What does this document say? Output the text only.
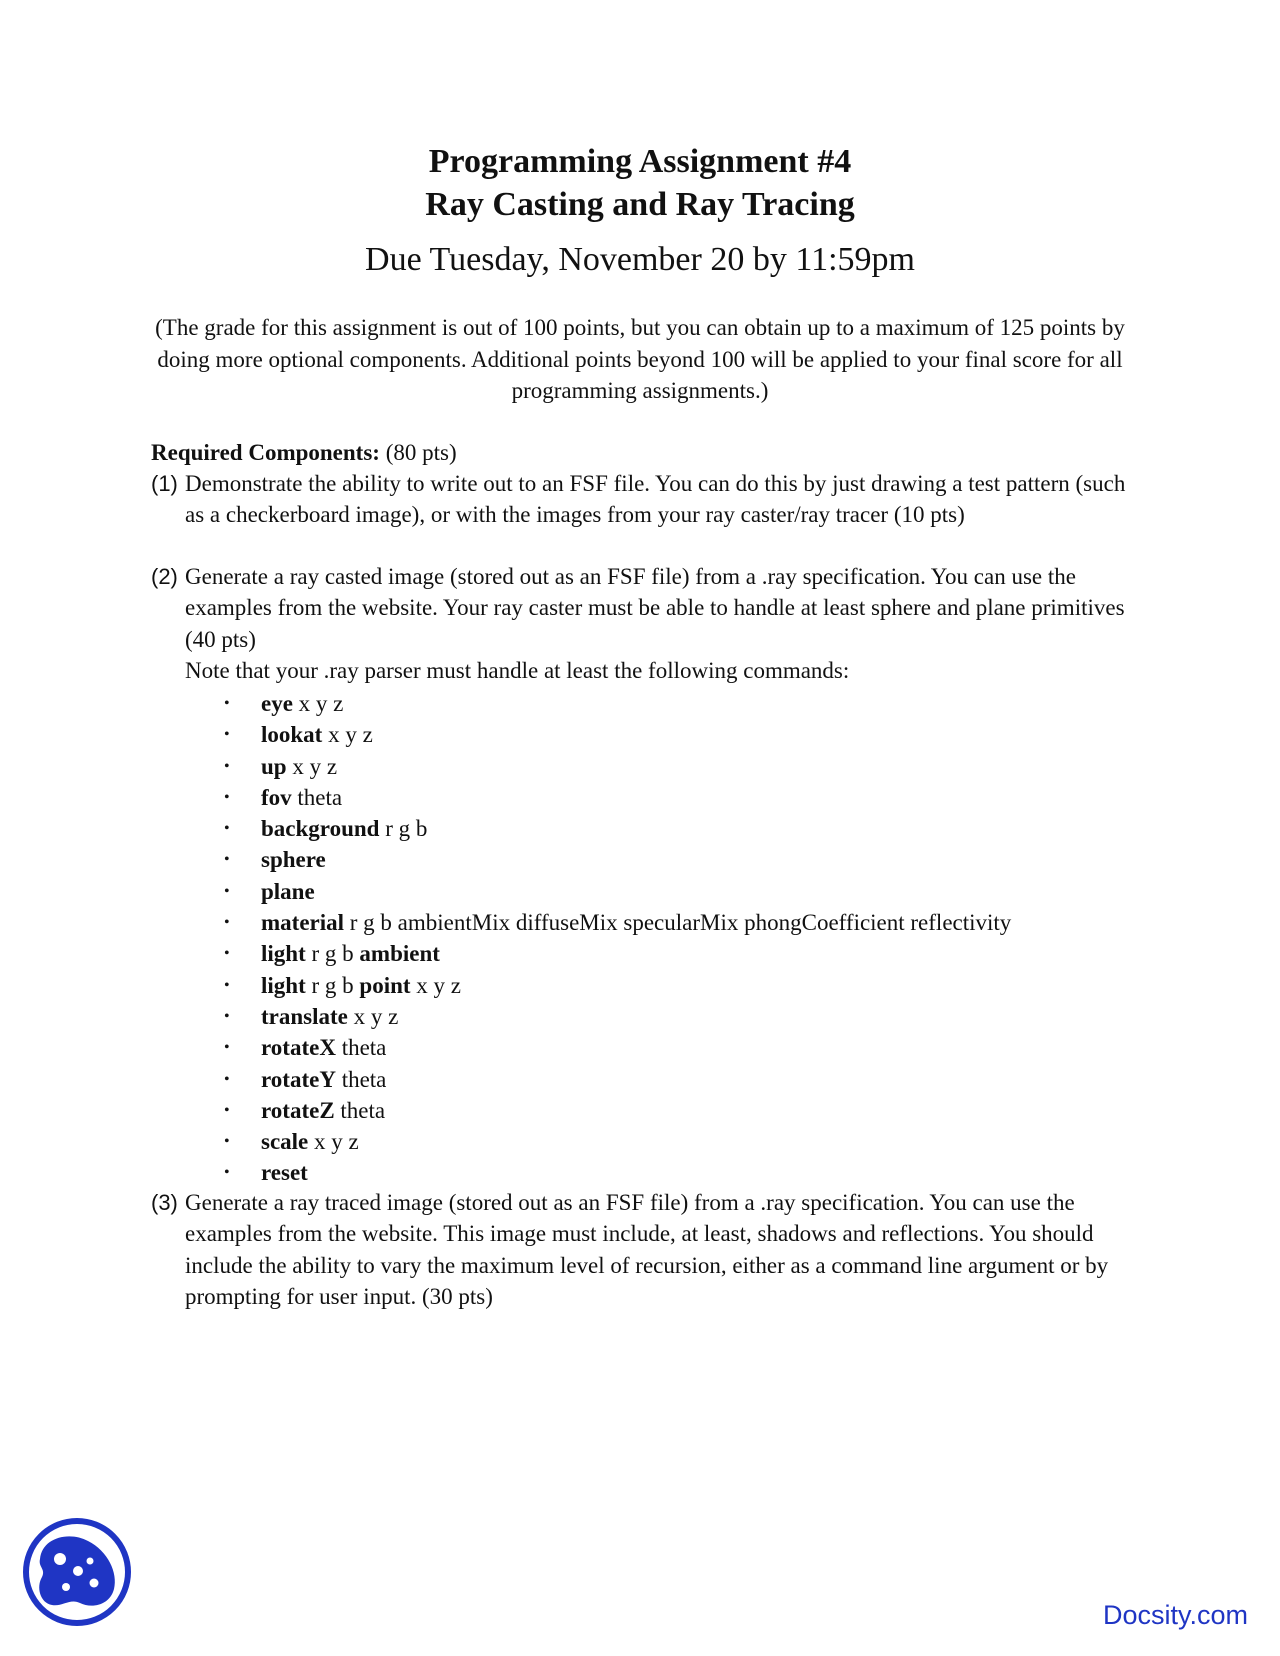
Programming Assignment #4
Ray Casting and Ray Tracing
Due Tuesday, November 20 by 11:59pm
(The grade for this assignment is out of 100 points, but you can obtain up to a maximum of 125 points by doing more optional components. Additional points beyond 100 will be applied to your final score for all programming assignments.)
Required Components: (80 pts)
(1) Demonstrate the ability to write out to an FSF file. You can do this by just drawing a test pattern (such as a checkerboard image), or with the images from your ray caster/ray tracer (10 pts)
(2) Generate a ray casted image (stored out as an FSF file) from a .ray specification. You can use the examples from the website. Your ray caster must be able to handle at least sphere and plane primitives (40 pts)
Note that your .ray parser must handle at least the following commands:
• eye x y z
• lookat x y z
• up x y z
• fov theta
• background r g b
• sphere
• plane
• material r g b ambientMix diffuseMix specularMix phongCoefficient reflectivity
• light r g b ambient
• light r g b point x y z
• translate x y z
• rotateX theta
• rotateY theta
• rotateZ theta
• scale x y z
• reset
(3) Generate a ray traced image (stored out as an FSF file) from a .ray specification. You can use the examples from the website. This image must include, at least, shadows and reflections. You should include the ability to vary the maximum level of recursion, either as a command line argument or by prompting for user input. (30 pts)
Docsity.com
